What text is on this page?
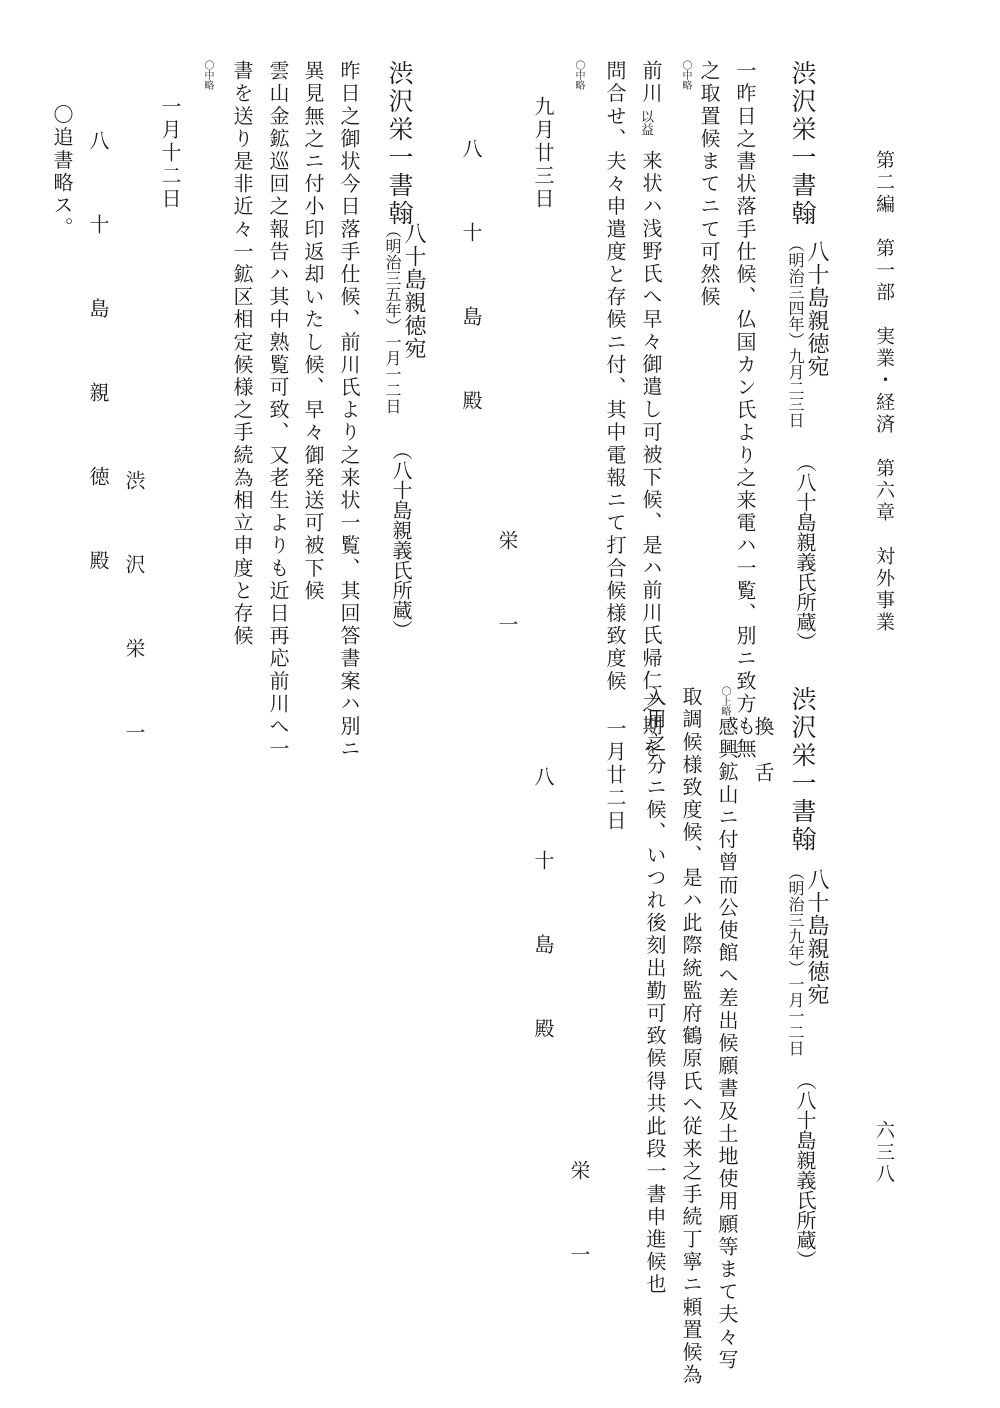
第二編　第一部　実業・経済　第六章　対外事業
六三八
渋沢栄一書翰
八十島親徳宛
（明治三四年）九月二三日
（八十島親義氏所蔵）
一昨日之書状落手仕候、仏国カン氏より之来電ハ一覧、別ニ致方も無
之取置候まてニて可然候
〇中略
前川
以益
来状ハ浅野氏へ早々御遣し可被下候、是ハ前川氏帰仁之期を
問合せ、夫々申遣度と存候ニ付、其中電報ニて打合候様致度候
〇中略
九月廿三日
栄　一
八　十　島　殿
渋沢栄一書翰
八十島親徳宛
（明治三五年）一月一二日
（八十島親義氏所蔵）
昨日之御状今日落手仕候、前川氏より之来状一覧、其回答書案ハ別ニ
異見無之ニ付小印返却いたし候、早々御発送可被下候
雲山金鉱巡回之報告ハ其中熟覧可致、又老生よりも近日再応前川へ一
書を送り是非近々一鉱区相定候様之手続為相立申度と存候
〇中略
一月十二日
渋　沢　栄　一
八　十　島　親　徳　殿
〇追書略ス。
渋沢栄一書翰
八十島親徳宛
（明治三九年）一月一二日
（八十島親義氏所蔵）
換　舌
〇上略
感興鉱山ニ付曾而公使館へ差出候願書及土地使用願等まて夫々写
取調候様致度候、是ハ此際統監府鶴原氏へ従来之手続丁寧ニ頼置候為
入用之分ニ候、いつれ後刻出勤可致候得共此段一書申進候也
一月廿二日
栄　一
八　十　島　殿
